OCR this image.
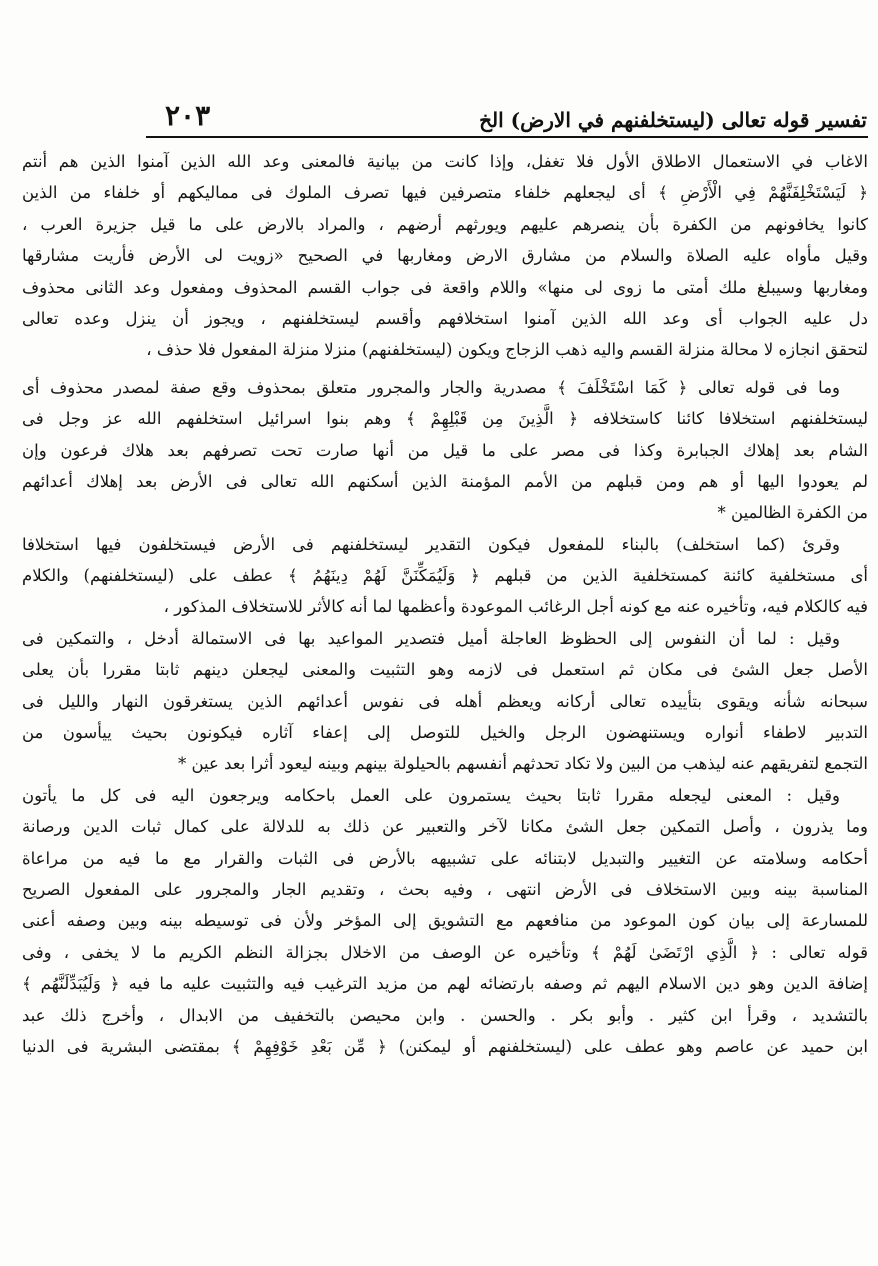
تفسير قوله تعالى (ليستخلفنهم في الارض) الخ
٢٠٣
الاغاب في الاستعمال الاطلاق الأول فلا تغفل، وإذا كانت من بيانية فالمعنى وعد الله الذين آمنوا الذين هم أنتم
﴿ لَيَسْتَخْلِفَنَّهُمْ فِي الْأَرْضِ ﴾ أى ليجعلهم خلفاء متصرفين فيها تصرف الملوك فى مماليكهم أو خلفاء من الذين
كانوا يخافونهم من الكفرة بأن ينصرهم عليهم ويورثهم أرضهم ، والمراد بالارض على ما قيل جزيرة العرب ،
وقيل مأواه عليه الصلاة والسلام من مشارق الارض ومغاربها في الصحيح «زويت لى الأرض فأريت مشارقها
ومغاربها وسيبلغ ملك أمتى ما زوى لى منها» واللام واقعة فى جواب القسم المحذوف ومفعول وعد الثانى محذوف
دل عليه الجواب أى وعد الله الذين آمنوا استخلافهم وأقسم ليستخلفنهم ، ويجوز أن ينزل وعده تعالى
لتحقق انجازه لا محالة منزلة القسم واليه ذهب الزجاج ويكون (ليستخلفنهم) منزلا منزلة المفعول فلا حذف ،
وما فى قوله تعالى ﴿ كَمَا اسْتَخْلَفَ ﴾ مصدرية والجار والمجرور متعلق بمحذوف وقع صفة لمصدر محذوف أى
ليستخلفنهم استخلافا كائنا كاستخلافه ﴿ الَّذِينَ مِن قَبْلِهِمْ ﴾ وهم بنوا اسرائيل استخلفهم الله عز وجل فى
الشام بعد إهلاك الجبابرة وكذا فى مصر على ما قيل من أنها صارت تحت تصرفهم بعد هلاك فرعون وإن
لم يعودوا اليها أو هم ومن قبلهم من الأمم المؤمنة الذين أسكنهم الله تعالى فى الأرض بعد إهلاك أعدائهم
من الكفرة الظالمين *
وقرئ (كما استخلف) بالبناء للمفعول فيكون التقدير ليستخلفنهم فى الأرض فيستخلفون فيها استخلافا
أى مستخلفية كائنة كمستخلفية الذين من قبلهم ﴿ وَلَيُمَكِّنَنَّ لَهُمْ دِينَهُمُ ﴾ عطف على (ليستخلفنهم) والكلام
فيه كالكلام فيه، وتأخيره عنه مع كونه أجل الرغائب الموعودة وأعظمها لما أنه كالأثر للاستخلاف المذكور ،
وقيل : لما أن النفوس إلى الحظوظ العاجلة أميل فتصدير المواعيد بها فى الاستمالة أدخل ، والتمكين فى
الأصل جعل الشئ فى مكان ثم استعمل فى لازمه وهو التثبيت والمعنى ليجعلن دينهم ثابتا مقررا بأن يعلى
سبحانه شأنه ويقوى بتأييده تعالى أركانه ويعظم أهله فى نفوس أعدائهم الذين يستغرقون النهار والليل فى
التدبير لاطفاء أنواره ويستنهضون الرجل والخيل للتوصل إلى إعفاء آثاره فيكونون بحيث ييأسون من
التجمع لتفريقهم عنه ليذهب من البين ولا تكاد تحدثهم أنفسهم بالحيلولة بينهم وبينه ليعود أثرا بعد عين *
وقيل : المعنى ليجعله مقررا ثابتا بحيث يستمرون على العمل باحكامه ويرجعون اليه فى كل ما يأتون
وما يذرون ، وأصل التمكين جعل الشئ مكانا لآخر والتعبير عن ذلك به للدلالة على كمال ثبات الدين ورصانة
أحكامه وسلامته عن التغيير والتبديل لابتنائه على تشبيهه بالأرض فى الثبات والقرار مع ما فيه من مراعاة
المناسبة بينه وبين الاستخلاف فى الأرض انتهى ، وفيه بحث ، وتقديم الجار والمجرور على المفعول الصريح
للمسارعة إلى بيان كون الموعود من منافعهم مع التشويق إلى المؤخر ولأن فى توسيطه بينه وبين وصفه أعنى
قوله تعالى : ﴿ الَّذِي ارْتَضَىٰ لَهُمْ ﴾ وتأخيره عن الوصف من الاخلال بجزالة النظم الكريم ما لا يخفى ، وفى
إضافة الدين وهو دين الاسلام اليهم ثم وصفه بارتضائه لهم من مزيد الترغيب فيه والتثبيت عليه ما فيه ﴿ وَلَيُبَدِّلَنَّهُم ﴾
بالتشديد ، وقرأ ابن كثير . وأبو بكر . والحسن . وابن محيصن بالتخفيف من الابدال ، وأخرج ذلك عبد
ابن حميد عن عاصم وهو عطف على (ليستخلفنهم أو ليمكنن) ﴿ مِّن بَعْدِ خَوْفِهِمْ ﴾ بمقتضى البشرية فى الدنيا
